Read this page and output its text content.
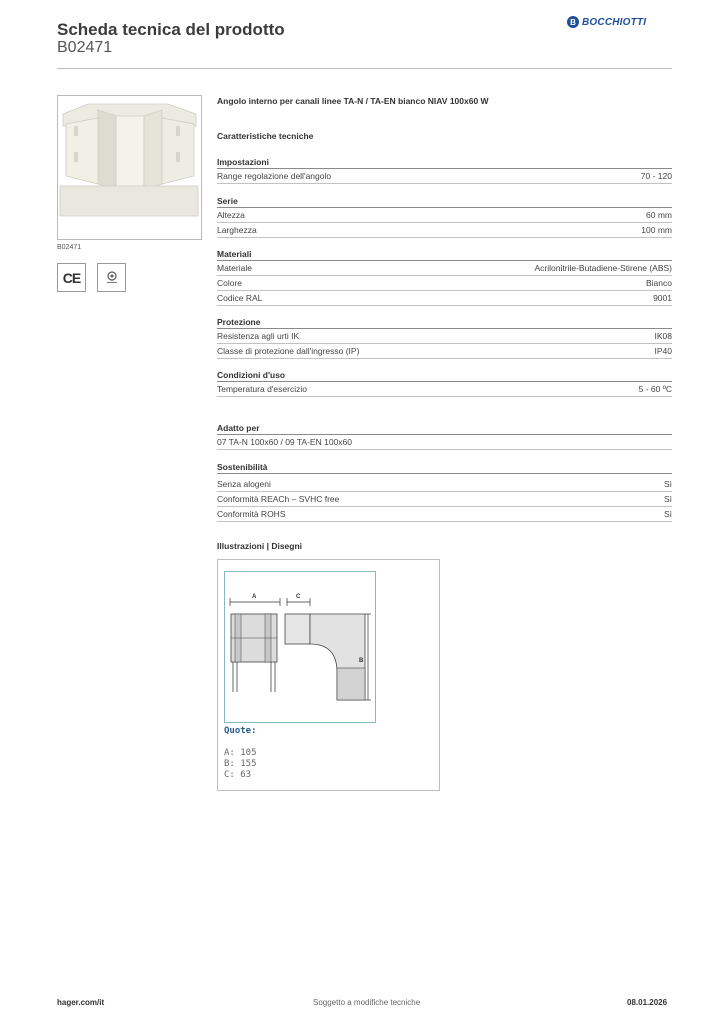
Scheda tecnica del prodotto
B02471
B BOCCHIOTTI
B02471
CE
Angolo interno per canali linee TA-N / TA-EN bianco NIAV 100x60 W
Caratteristiche tecniche
Impostazioni
Range regolazione dell'angolo	70 - 120
Serie
Altezza	60 mm
Larghezza	100 mm
Materiali
Materiale	Acrilonitrile-Butadiene-Stirene (ABS)
Colore	Bianco
Codice RAL	9001
Protezione
Resistenza agli urti IK	IK08
Classe di protezione dall'ingresso (IP)	IP40
Condizioni d'uso
Temperatura d'esercizio	5 - 60 ºC
Adatto per
07 TA-N 100x60 / 09 TA-EN 100x60
Sostenibilità
Senza alogeni	Sì
Conformità REACh – SVHC free	Sì
Conformità ROHS	Sì
Illustrazioni | Disegni
A	C
B
Quote:
A: 105
B: 155
C: 63
hager.com/it	Soggetto a modifiche tecniche	08.01.2026
